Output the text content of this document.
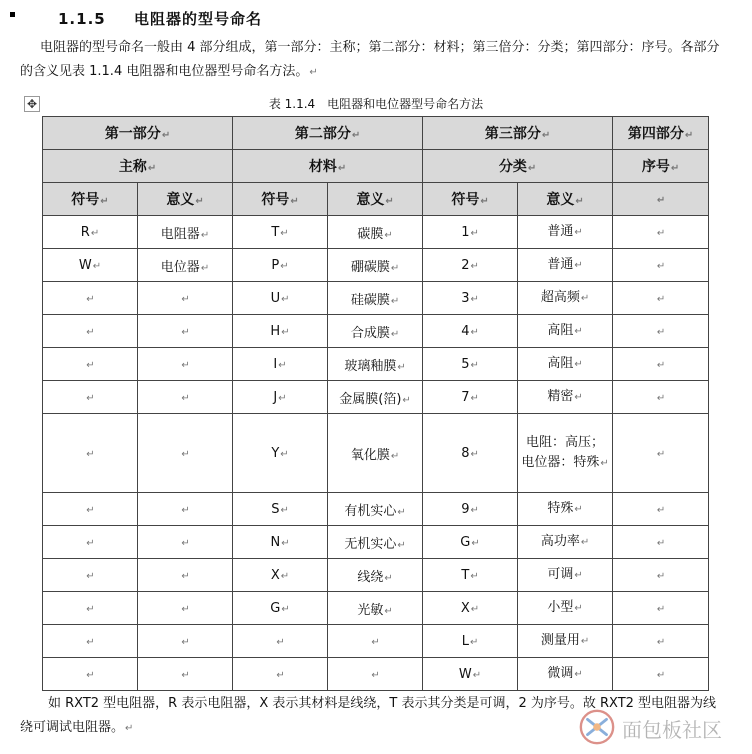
1.1.5 电阻器的型号命名
电阻器的型号命名一般由 4 部分组成，第一部分：主称；第二部分：材料；第三倍分：分类；第四部分：序号。各部分的含义见表 1.1.4 电阻器和电位器型号命名方法。↵
✥	表 1.1.4　电阻器和电位器型号命名方法
第一部分↵		第二部分↵		第三部分↵		第四部分↵
主称↵		材料↵		分类↵		序号↵
符号↵	意义↵	符号↵	意义↵	符号↵	意义↵	↵
R↵	电阻器↵	T↵	碳膜↵	1↵	普通↵	↵
W↵	电位器↵	P↵	硼碳膜↵	2↵	普通↵	↵
↵	↵	U↵	硅碳膜↵	3↵	超高频↵	↵
↵	↵	H↵	合成膜↵	4↵	高阻↵	↵
↵	↵	I↵	玻璃釉膜↵	5↵	高阻↵	↵
↵	↵	J↵	金属膜(箔)↵	7↵	精密↵	↵
↵	↵	Y↵	氧化膜↵	8↵	电阻：高压；电位器：特殊↵	↵
↵	↵	S↵	有机实心↵	9↵	特殊↵	↵
↵	↵	N↵	无机实心↵	G↵	高功率↵	↵
↵	↵	X↵	线绕↵	T↵	可调↵	↵
↵	↵	G↵	光敏↵	X↵	小型↵	↵
↵	↵	↵	↵	L↵	测量用↵	↵
↵	↵	↵	↵	W↵	微调↵	↵
如 RXT2 型电阻器，R 表示电阻器，X 表示其材料是线绕，T 表示其分类是可调，2 为序号。故 RXT2 型电阻器为线绕可调试电阻器。↵	面包板社区
